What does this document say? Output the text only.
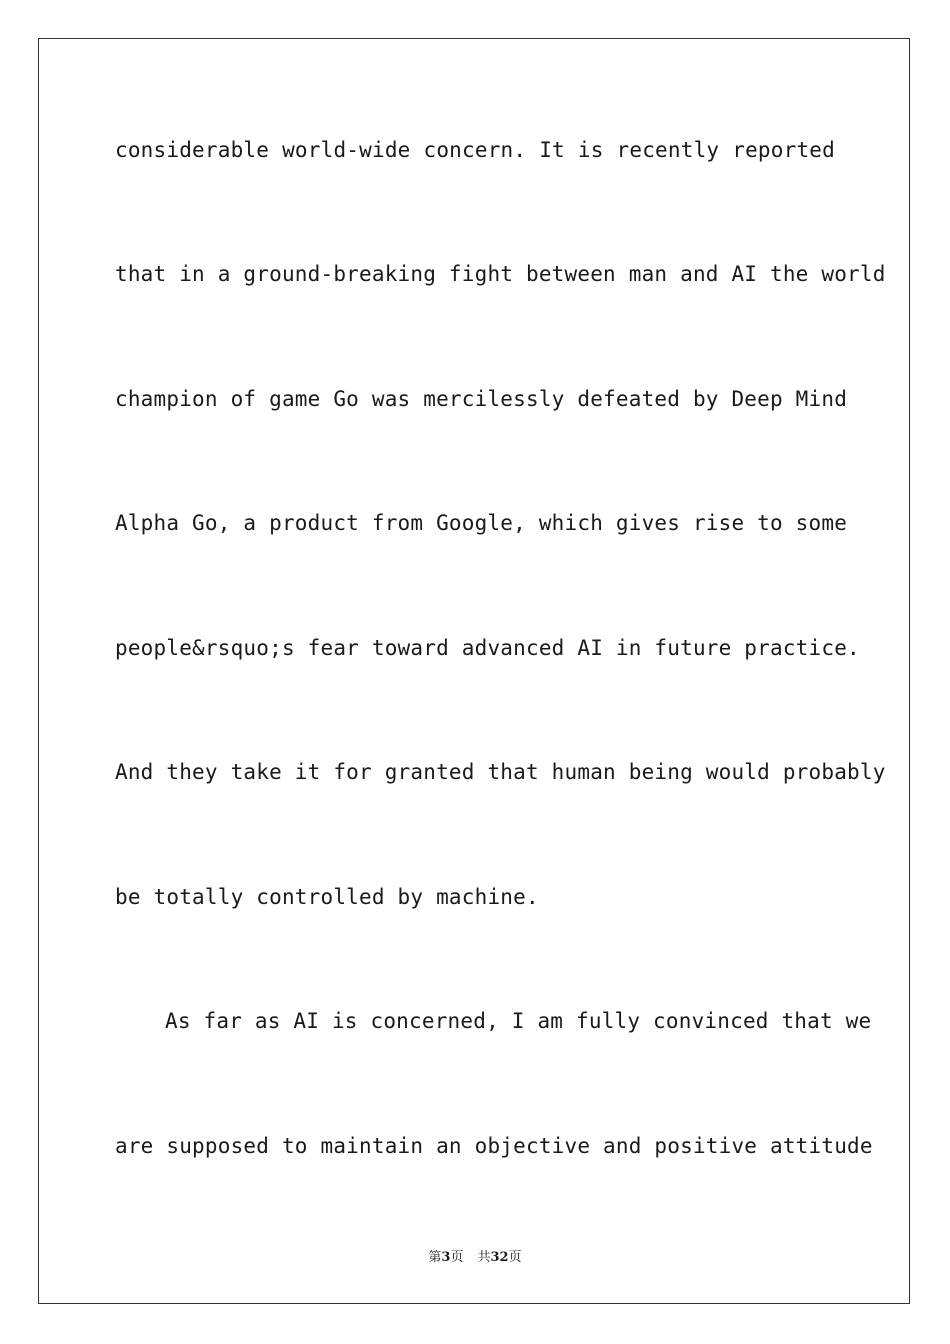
considerable world-wide concern. It is recently reported
that in a ground-breaking fight between man and AI the world
champion of game Go was mercilessly defeated by Deep Mind
Alpha Go, a product from Google, which gives rise to some
people&rsquo;s fear toward advanced AI in future practice.
And they take it for granted that human being would probably
be totally controlled by machine.
As far as AI is concerned, I am fully convinced that we
are supposed to maintain an objective and positive attitude
第3页 共32页
